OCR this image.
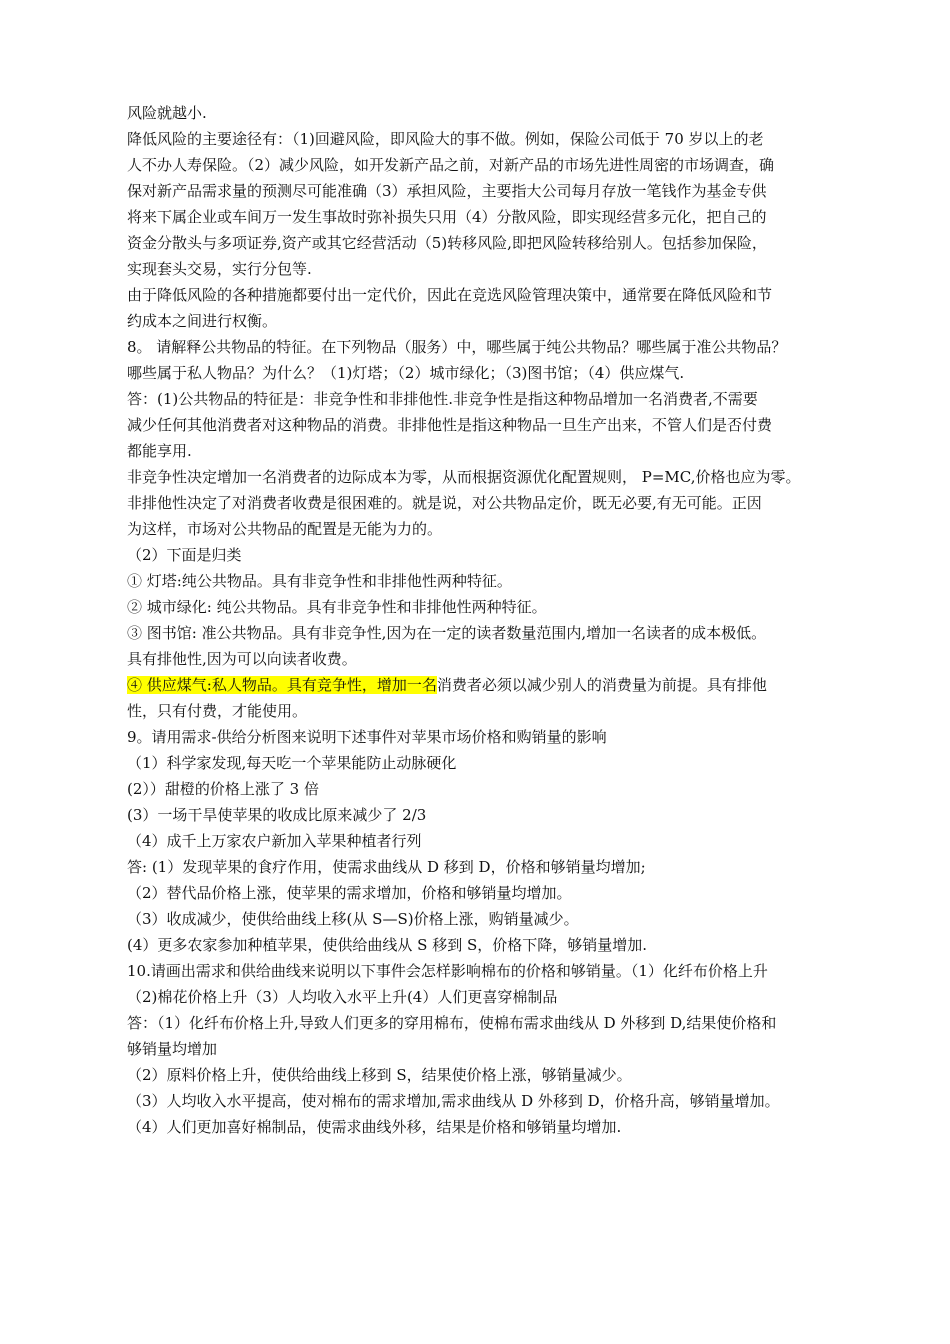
风险就越小.
降低风险的主要途径有：（1)回避风险，即风险大的事不做。例如，保险公司低于 70 岁以上的老
人不办人寿保险。（2）减少风险，如开发新产品之前，对新产品的市场先进性周密的市场调查，确
保对新产品需求量的预测尽可能准确（3）承担风险，主要指大公司每月存放一笔钱作为基金专供
将来下属企业或车间万一发生事故时弥补损失只用（4）分散风险，即实现经营多元化，把自己的
资金分散头与多项证券,资产或其它经营活动（5)转移风险,即把风险转移给别人。包括参加保险，
实现套头交易，实行分包等.
由于降低风险的各种措施都要付出一定代价，因此在竞选风险管理决策中，通常要在降低风险和节
约成本之间进行权衡。
8。 请解释公共物品的特征。在下列物品（服务）中，哪些属于纯公共物品？哪些属于准公共物品？
哪些属于私人物品？为什么？（1)灯塔；（2）城市绿化；（3)图书馆；（4）供应煤气.
答：(1)公共物品的特征是：非竞争性和非排他性.非竞争性是指这种物品增加一名消费者,不需要
减少任何其他消费者对这种物品的消费。非排他性是指这种物品一旦生产出来，不管人们是否付费
都能享用.
非竞争性决定增加一名消费者的边际成本为零，从而根据资源优化配置规则， P=MC,价格也应为零。
非排他性决定了对消费者收费是很困难的。就是说，对公共物品定价，既无必要,有无可能。正因
为这样，市场对公共物品的配置是无能为力的。
（2）下面是归类
① 灯塔:纯公共物品。具有非竞争性和非排他性两种特征。
② 城市绿化: 纯公共物品。具有非竞争性和非排他性两种特征。
③ 图书馆: 准公共物品。具有非竞争性,因为在一定的读者数量范围内,增加一名读者的成本极低。
具有排他性,因为可以向读者收费。
④ 供应煤气:私人物品。具有竞争性，增加一名消费者必须以减少别人的消费量为前提。具有排他
性，只有付费，才能使用。
9。请用需求-供给分析图来说明下述事件对苹果市场价格和购销量的影响
（1）科学家发现,每天吃一个苹果能防止动脉硬化
(2））甜橙的价格上涨了 3 倍
(3）一场干旱使苹果的收成比原来减少了 2/3
（4）成千上万家农户新加入苹果种植者行列
答: (1）发现苹果的食疗作用，使需求曲线从 D 移到 D，价格和够销量均增加;
（2）替代品价格上涨，使苹果的需求增加，价格和够销量均增加。
（3）收成减少，使供给曲线上移(从 S—S)价格上涨，购销量减少。
(4）更多农家参加种植苹果，使供给曲线从 S 移到 S，价格下降，够销量增加.
10.请画出需求和供给曲线来说明以下事件会怎样影响棉布的价格和够销量。（1）化纤布价格上升
（2)棉花价格上升（3）人均收入水平上升(4）人们更喜穿棉制品
答：（1）化纤布价格上升,导致人们更多的穿用棉布，使棉布需求曲线从 D 外移到 D,结果使价格和
够销量均增加
（2）原料价格上升，使供给曲线上移到 S，结果使价格上涨，够销量减少。
（3）人均收入水平提高，使对棉布的需求增加,需求曲线从 D 外移到 D，价格升高，够销量增加。
（4）人们更加喜好棉制品，使需求曲线外移，结果是价格和够销量均增加.
